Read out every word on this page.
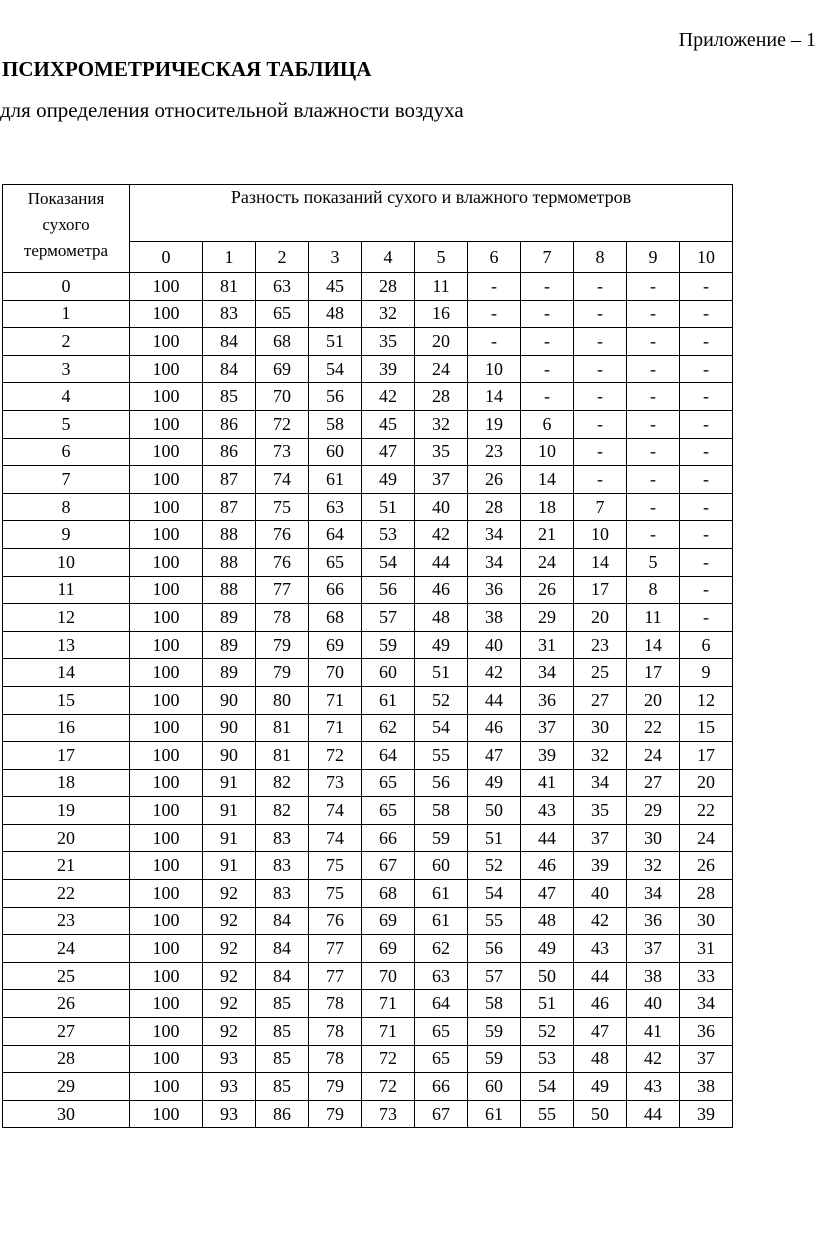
Приложение – 1
ПСИХРОМЕТРИЧЕСКАЯ ТАБЛИЦА
для определения относительной влажности воздуха
Показания сухого термометра	Разность показаний сухого и влажного термометров										
	0	1	2	3	4	5	6	7	8	9	10
0	100	81	63	45	28	11	-	-	-	-	-
1	100	83	65	48	32	16	-	-	-	-	-
2	100	84	68	51	35	20	-	-	-	-	-
3	100	84	69	54	39	24	10	-	-	-	-
4	100	85	70	56	42	28	14	-	-	-	-
5	100	86	72	58	45	32	19	6	-	-	-
6	100	86	73	60	47	35	23	10	-	-	-
7	100	87	74	61	49	37	26	14	-	-	-
8	100	87	75	63	51	40	28	18	7	-	-
9	100	88	76	64	53	42	34	21	10	-	-
10	100	88	76	65	54	44	34	24	14	5	-
11	100	88	77	66	56	46	36	26	17	8	-
12	100	89	78	68	57	48	38	29	20	11	-
13	100	89	79	69	59	49	40	31	23	14	6
14	100	89	79	70	60	51	42	34	25	17	9
15	100	90	80	71	61	52	44	36	27	20	12
16	100	90	81	71	62	54	46	37	30	22	15
17	100	90	81	72	64	55	47	39	32	24	17
18	100	91	82	73	65	56	49	41	34	27	20
19	100	91	82	74	65	58	50	43	35	29	22
20	100	91	83	74	66	59	51	44	37	30	24
21	100	91	83	75	67	60	52	46	39	32	26
22	100	92	83	75	68	61	54	47	40	34	28
23	100	92	84	76	69	61	55	48	42	36	30
24	100	92	84	77	69	62	56	49	43	37	31
25	100	92	84	77	70	63	57	50	44	38	33
26	100	92	85	78	71	64	58	51	46	40	34
27	100	92	85	78	71	65	59	52	47	41	36
28	100	93	85	78	72	65	59	53	48	42	37
29	100	93	85	79	72	66	60	54	49	43	38
30	100	93	86	79	73	67	61	55	50	44	39
